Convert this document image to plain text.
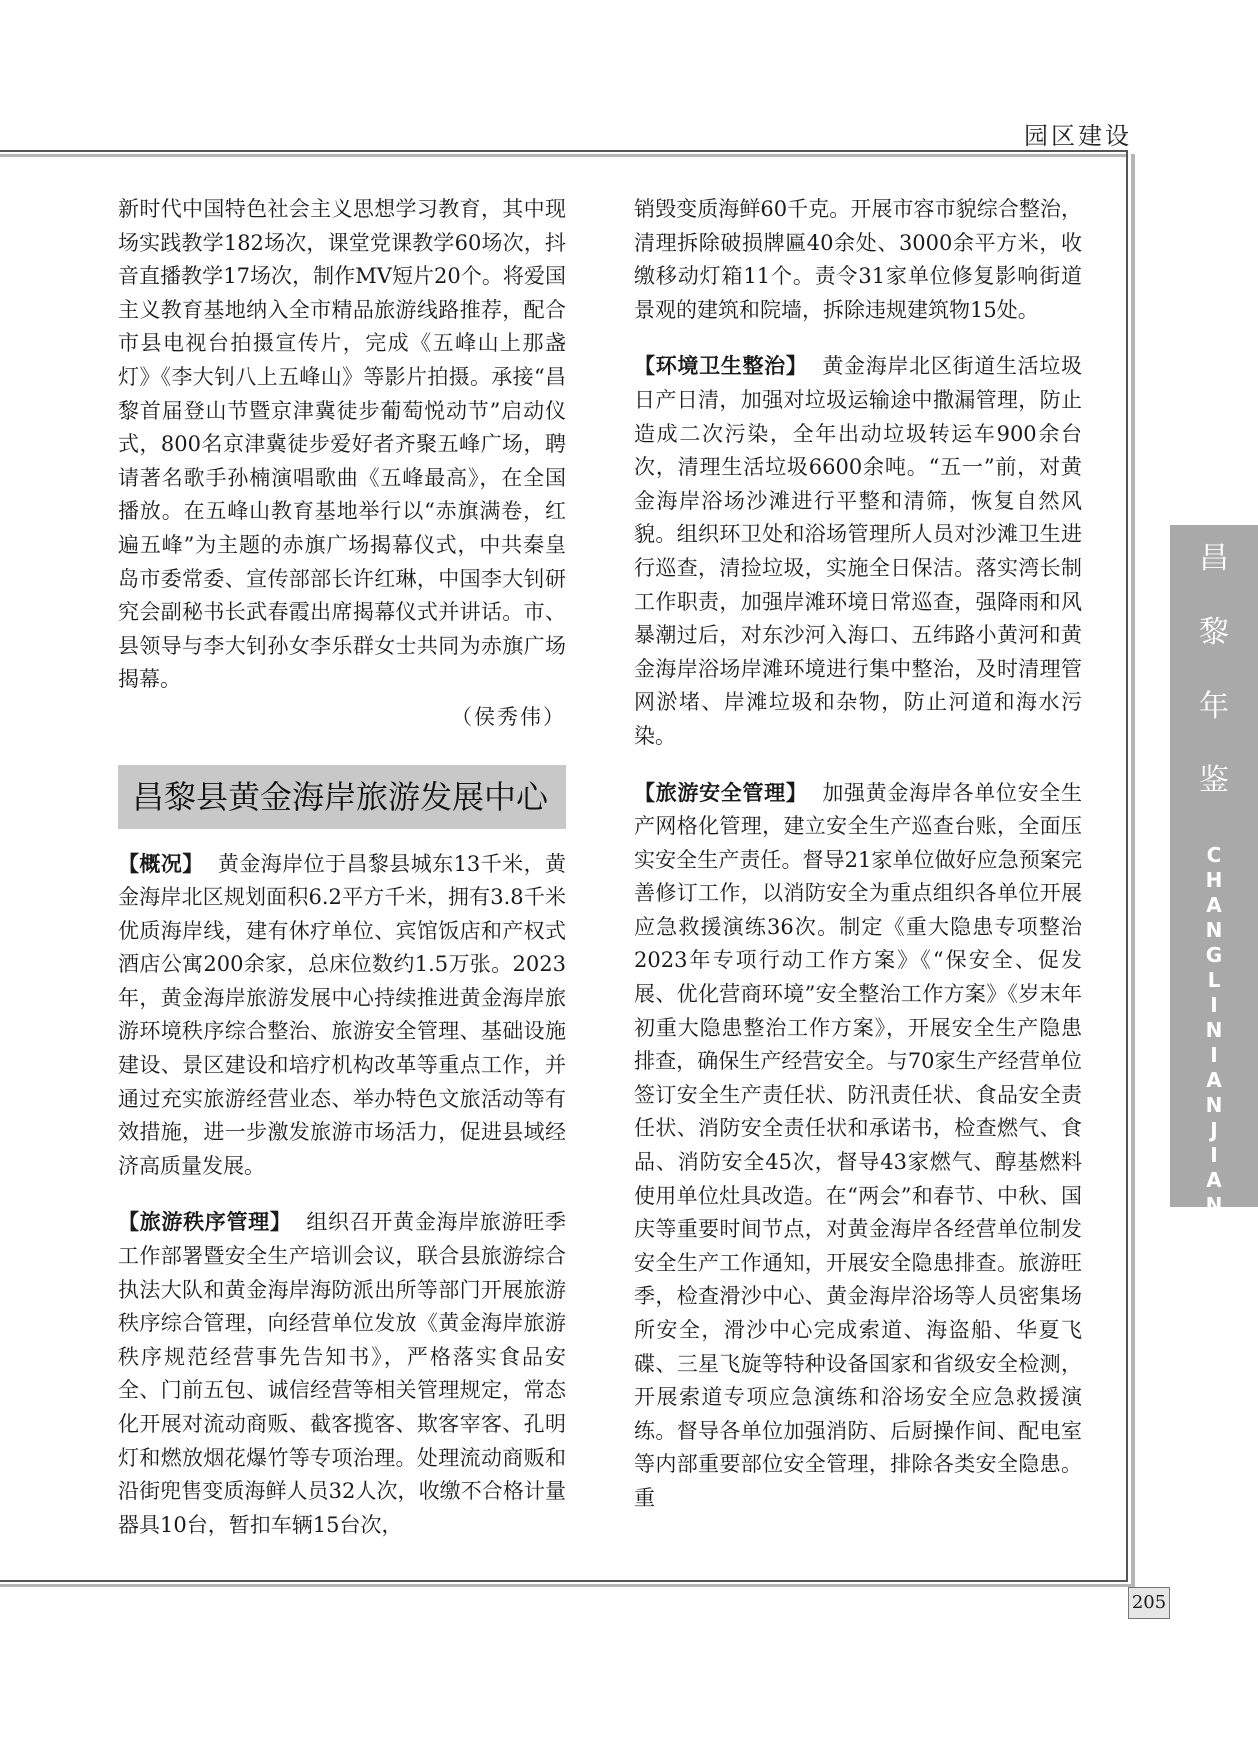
园区建设
昌
黎
年
鉴
C
H
A
N
G
L
I
N
I
A
N
J
I
A
N
205

新时代中国特色社会主义思想学习教育，其中现场实践教学182场次，课堂党课教学60场次，抖音直播教学17场次，制作MV短片20个。将爱国主义教育基地纳入全市精品旅游线路推荐，配合市县电视台拍摄宣传片，完成《五峰山上那盏灯》《李大钊八上五峰山》等影片拍摄。承接“昌黎首届登山节暨京津冀徒步葡萄悦动节”启动仪式，800名京津冀徒步爱好者齐聚五峰广场，聘请著名歌手孙楠演唱歌曲《五峰最高》，在全国播放。在五峰山教育基地举行以“赤旗满卷，红遍五峰”为主题的赤旗广场揭幕仪式，中共秦皇岛市委常委、宣传部部长许红琳，中国李大钊研究会副秘书长武春霞出席揭幕仪式并讲话。市、县领导与李大钊孙女李乐群女士共同为赤旗广场揭幕。

（侯秀伟）

昌黎县黄金海岸旅游发展中心

【概况】 黄金海岸位于昌黎县城东13千米，黄金海岸北区规划面积6.2平方千米，拥有3.8千米优质海岸线，建有休疗单位、宾馆饭店和产权式酒店公寓200余家，总床位数约1.5万张。2023年，黄金海岸旅游发展中心持续推进黄金海岸旅游环境秩序综合整治、旅游安全管理、基础设施建设、景区建设和培疗机构改革等重点工作，并通过充实旅游经营业态、举办特色文旅活动等有效措施，进一步激发旅游市场活力，促进县域经济高质量发展。

【旅游秩序管理】 组织召开黄金海岸旅游旺季工作部署暨安全生产培训会议，联合县旅游综合执法大队和黄金海岸海防派出所等部门开展旅游秩序综合管理，向经营单位发放《黄金海岸旅游秩序规范经营事先告知书》，严格落实食品安全、门前五包、诚信经营等相关管理规定，常态化开展对流动商贩、截客揽客、欺客宰客、孔明灯和燃放烟花爆竹等专项治理。处理流动商贩和沿街兜售变质海鲜人员32人次，收缴不合格计量器具10台，暂扣车辆15台次，

销毁变质海鲜60千克。开展市容市貌综合整治，清理拆除破损牌匾40余处、3000余平方米，收缴移动灯箱11个。责令31家单位修复影响街道景观的建筑和院墙，拆除违规建筑物15处。

【环境卫生整治】 黄金海岸北区街道生活垃圾日产日清，加强对垃圾运输途中撒漏管理，防止造成二次污染，全年出动垃圾转运车900余台次，清理生活垃圾6600余吨。“五一”前，对黄金海岸浴场沙滩进行平整和清筛，恢复自然风貌。组织环卫处和浴场管理所人员对沙滩卫生进行巡查，清捡垃圾，实施全日保洁。落实湾长制工作职责，加强岸滩环境日常巡查，强降雨和风暴潮过后，对东沙河入海口、五纬路小黄河和黄金海岸浴场岸滩环境进行集中整治，及时清理管网淤堵、岸滩垃圾和杂物，防止河道和海水污染。

【旅游安全管理】 加强黄金海岸各单位安全生产网格化管理，建立安全生产巡查台账，全面压实安全生产责任。督导21家单位做好应急预案完善修订工作，以消防安全为重点组织各单位开展应急救援演练36次。制定《重大隐患专项整治2023年专项行动工作方案》《“保安全、促发展、优化营商环境”安全整治工作方案》《岁末年初重大隐患整治工作方案》，开展安全生产隐患排查，确保生产经营安全。与70家生产经营单位签订安全生产责任状、防汛责任状、食品安全责任状、消防安全责任状和承诺书，检查燃气、食品、消防安全45次，督导43家燃气、醇基燃料使用单位灶具改造。在“两会”和春节、中秋、国庆等重要时间节点，对黄金海岸各经营单位制发安全生产工作通知，开展安全隐患排查。旅游旺季，检查滑沙中心、黄金海岸浴场等人员密集场所安全，滑沙中心完成索道、海盗船、华夏飞碟、三星飞旋等特种设备国家和省级安全检测，开展索道专项应急演练和浴场安全应急救援演练。督导各单位加强消防、后厨操作间、配电室等内部重要部位安全管理，排除各类安全隐患。重
